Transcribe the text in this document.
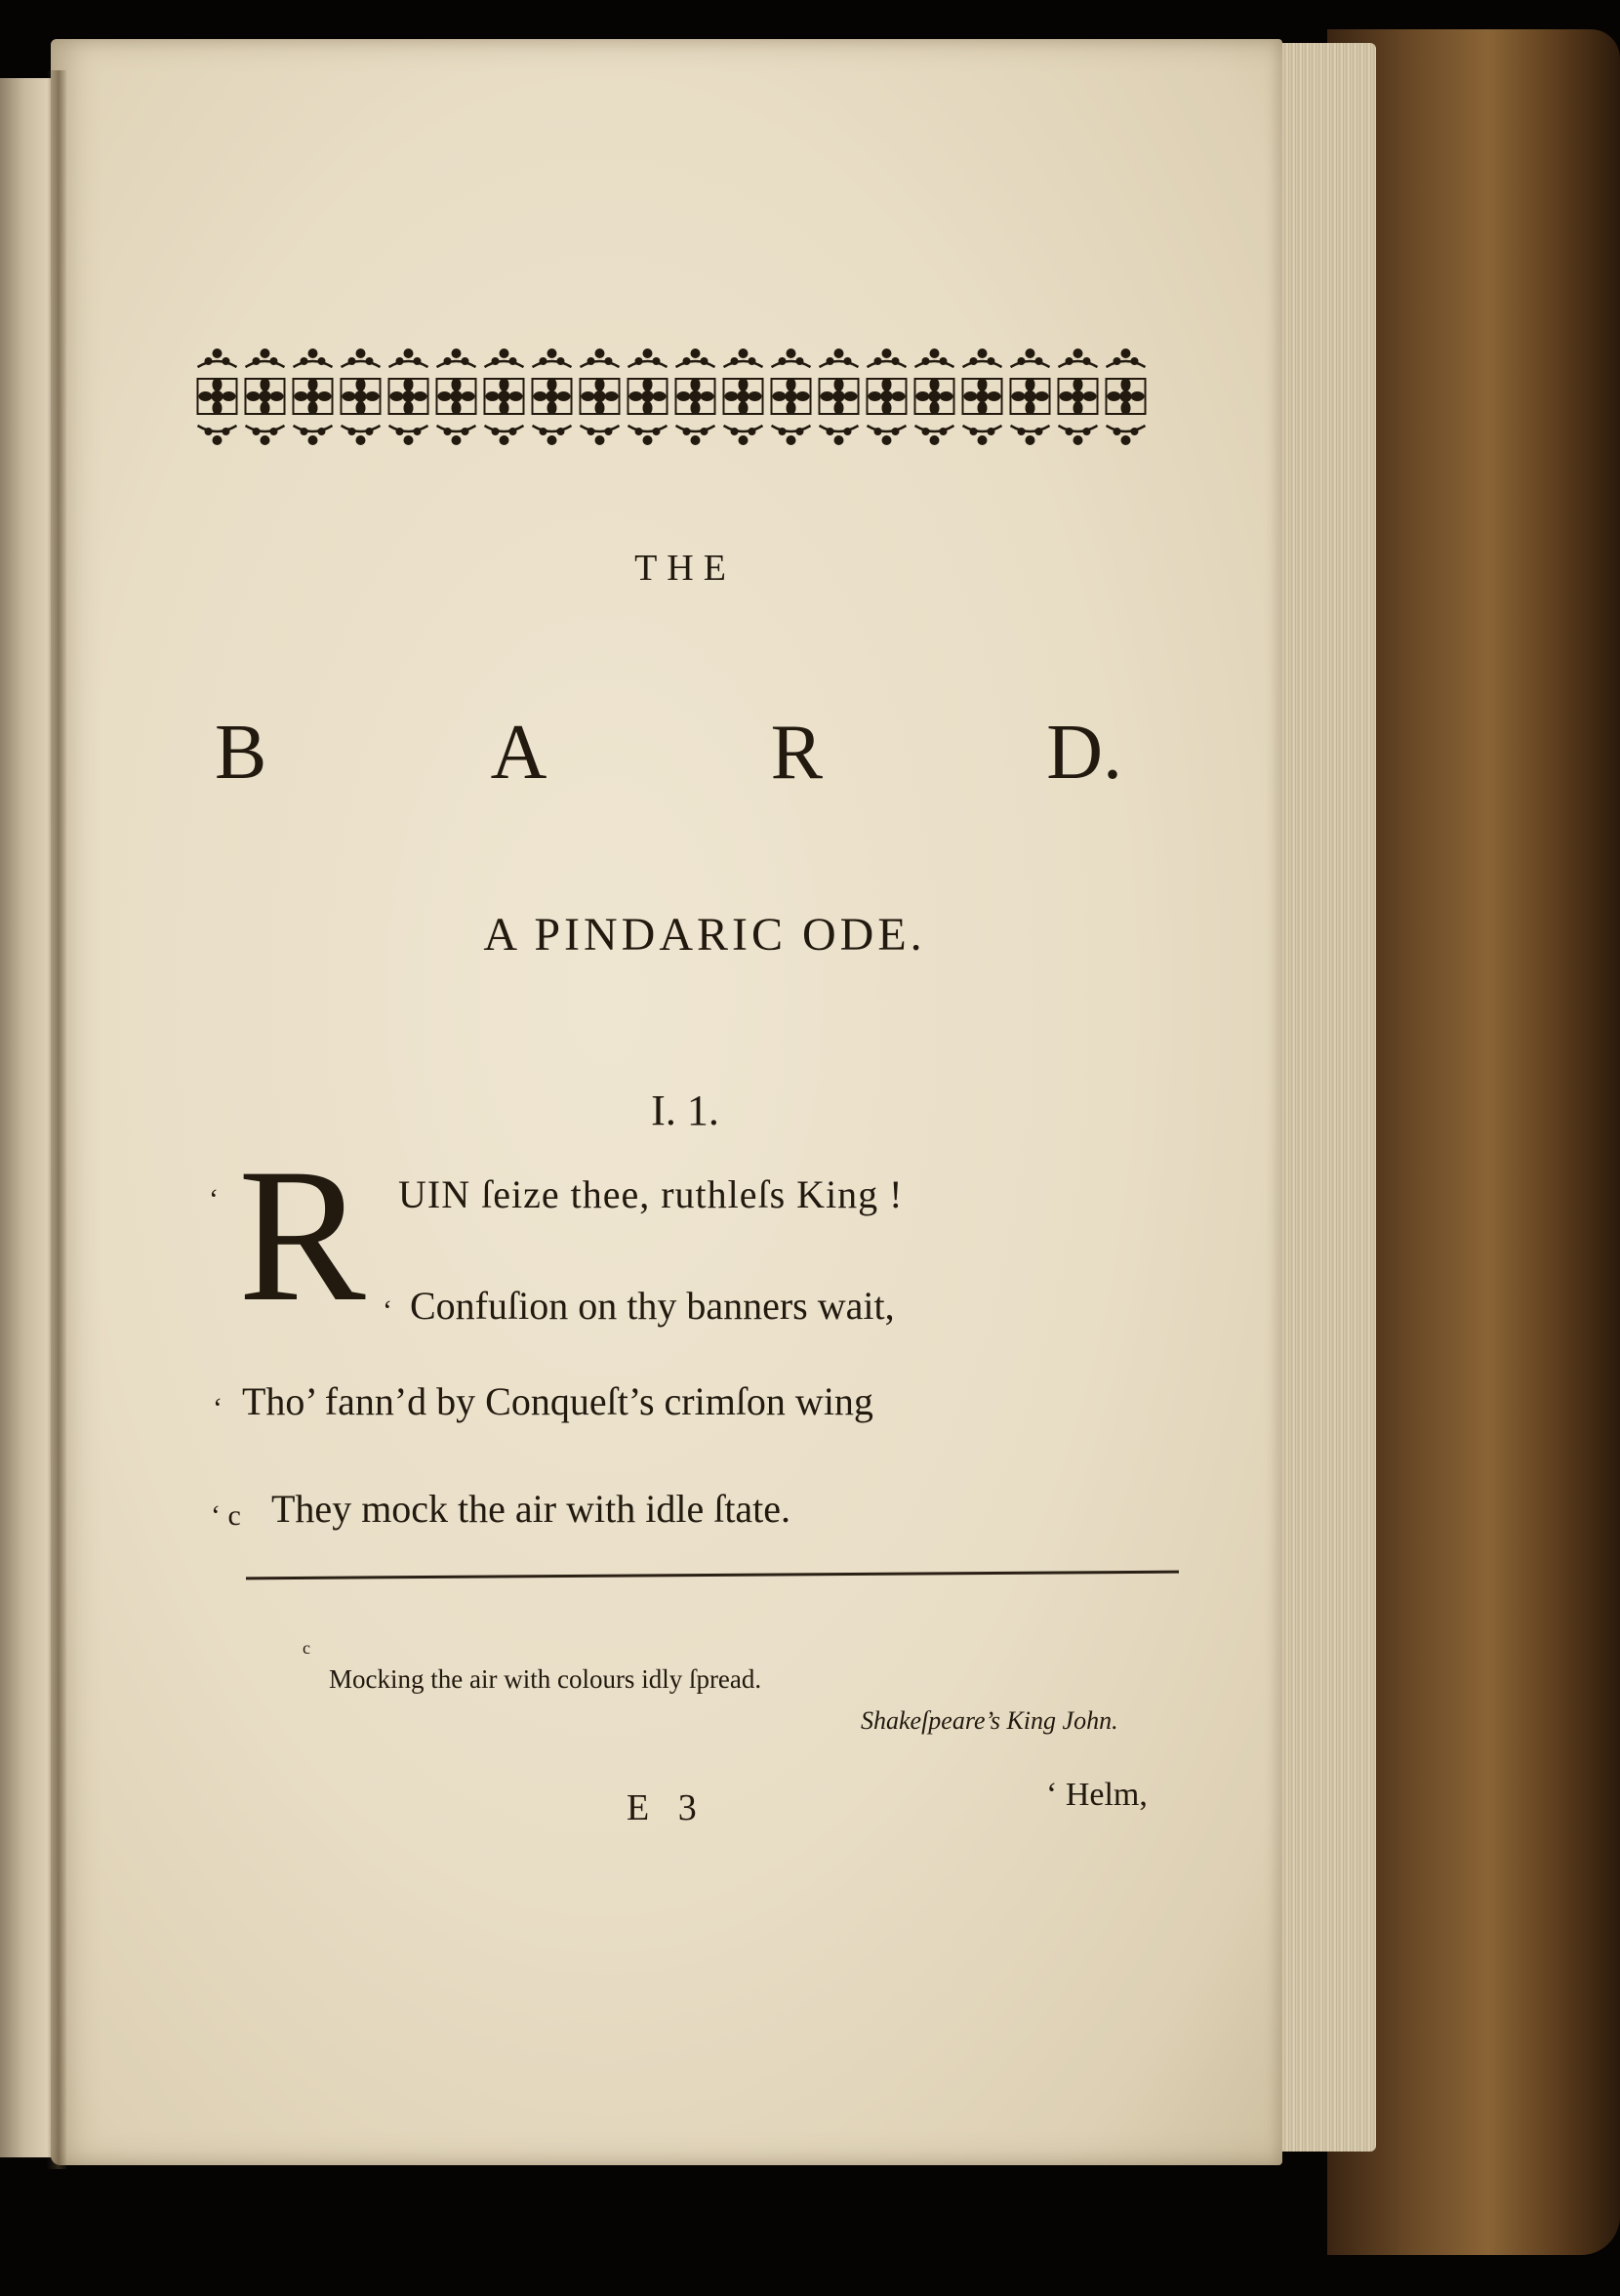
THE

B	A	R	D.

A PINDARIC ODE.

I. 1.

‘ R UIN ſeize thee, ruthleſs King !

‘ Confuſion on thy banners wait,

‘ Tho’ fann’d by Conqueſt’s crimſon wing

‘ c They mock the air with idle ſtate.

c

Mocking the air with colours idly ſpread.

Shakeſpeare’s King John.

E 3	‘ Helm,
